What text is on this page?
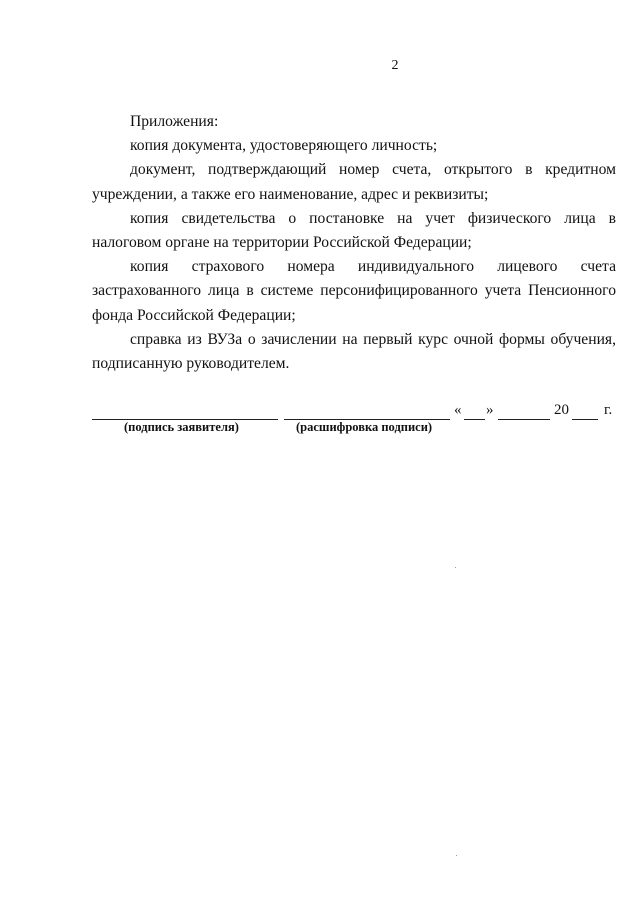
2

Приложения:

копия документа, удостоверяющего личность;

документ, подтверждающий номер счета, открытого в кредитном учреждении, а также его наименование, адрес и реквизиты;

копия свидетельства о постановке на учет физического лица в налоговом органе на территории Российской Федерации;

копия страхового номера индивидуального лицевого счета застрахованного лица в системе персонифицированного учета Пенсионного фонда Российской Федерации;

справка из ВУЗа о зачислении на первый курс очной формы обучения, подписанную руководителем.

(подпись заявителя)	(расшифровка подписи)
« »	20 г.
